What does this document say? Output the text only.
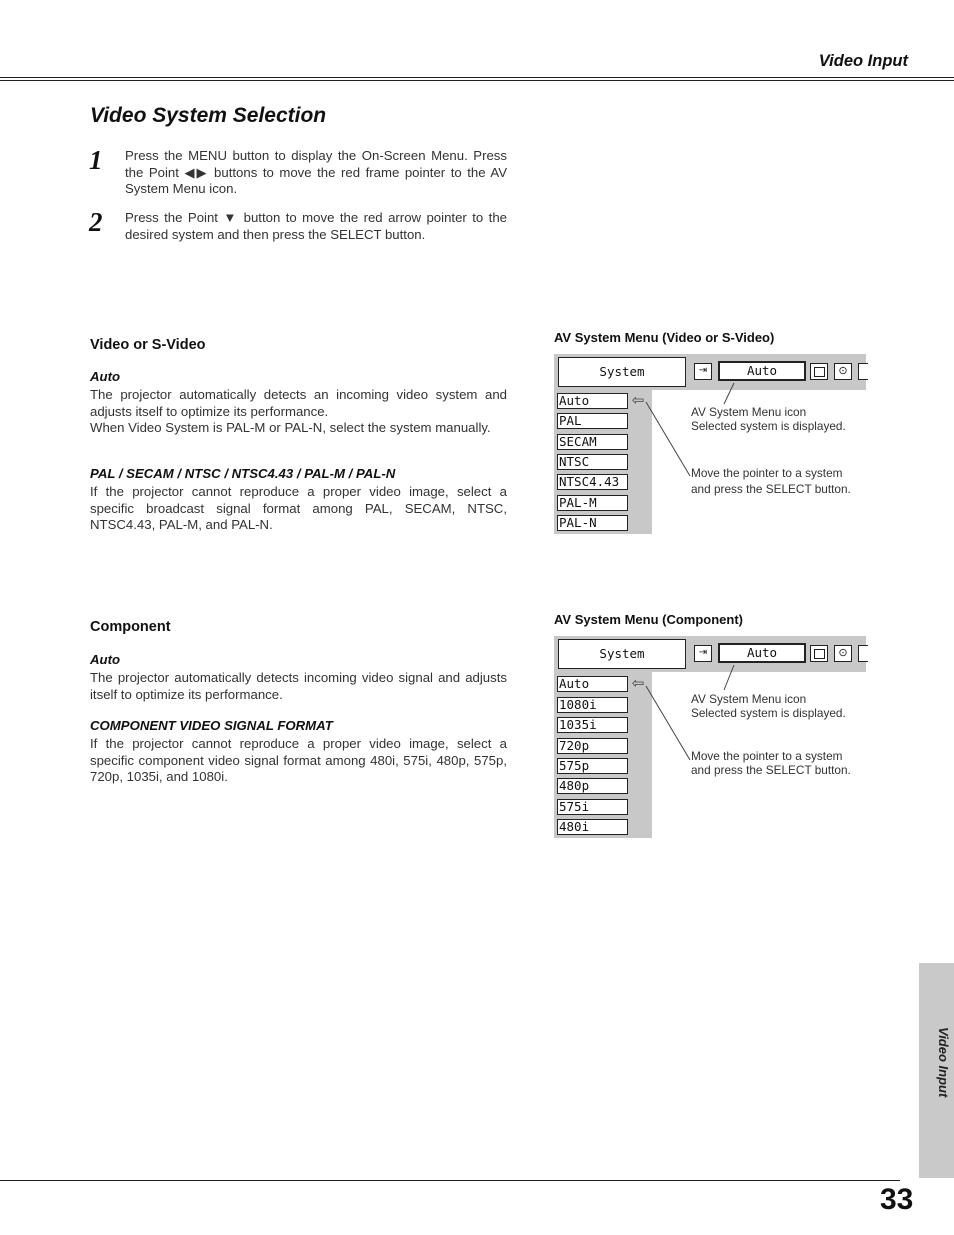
Video Input
Video System Selection
1 Press the MENU button to display the On-Screen Menu. Press the Point ◀▶ buttons to move the red frame pointer to the AV System Menu icon.
2 Press the Point ▼ button to move the red arrow pointer to the desired system and then press the SELECT button.
Video or S-Video
Auto
The projector automatically detects an incoming video system and adjusts itself to optimize its performance.
When Video System is PAL-M or PAL-N, select the system manually.
PAL / SECAM / NTSC / NTSC4.43 / PAL-M / PAL-N
If the projector cannot reproduce a proper video image, select a specific broadcast signal format among PAL, SECAM, NTSC, NTSC4.43, PAL-M, and PAL-N.
AV System Menu (Video or S-Video)
System	⇥	Auto	⊙
Auto	⇦
PAL
SECAM
NTSC
NTSC4.43
PAL-M
PAL-N
AV System Menu icon
Selected system is displayed.
Move the pointer to a system
and press the SELECT button.
Component
Auto
The projector automatically detects incoming video signal and adjusts itself to optimize its performance.
COMPONENT VIDEO SIGNAL FORMAT
If the projector cannot reproduce a proper video image, select a specific component video signal format among 480i, 575i, 480p, 575p, 720p, 1035i, and 1080i.
AV System Menu (Component)
System	⇥	Auto	⊙
Auto	⇦
1080i
1035i
720p
575p
480p
575i
480i
AV System Menu icon
Selected system is displayed.
Move the pointer to a system
and press the SELECT button.
Video Input
33
